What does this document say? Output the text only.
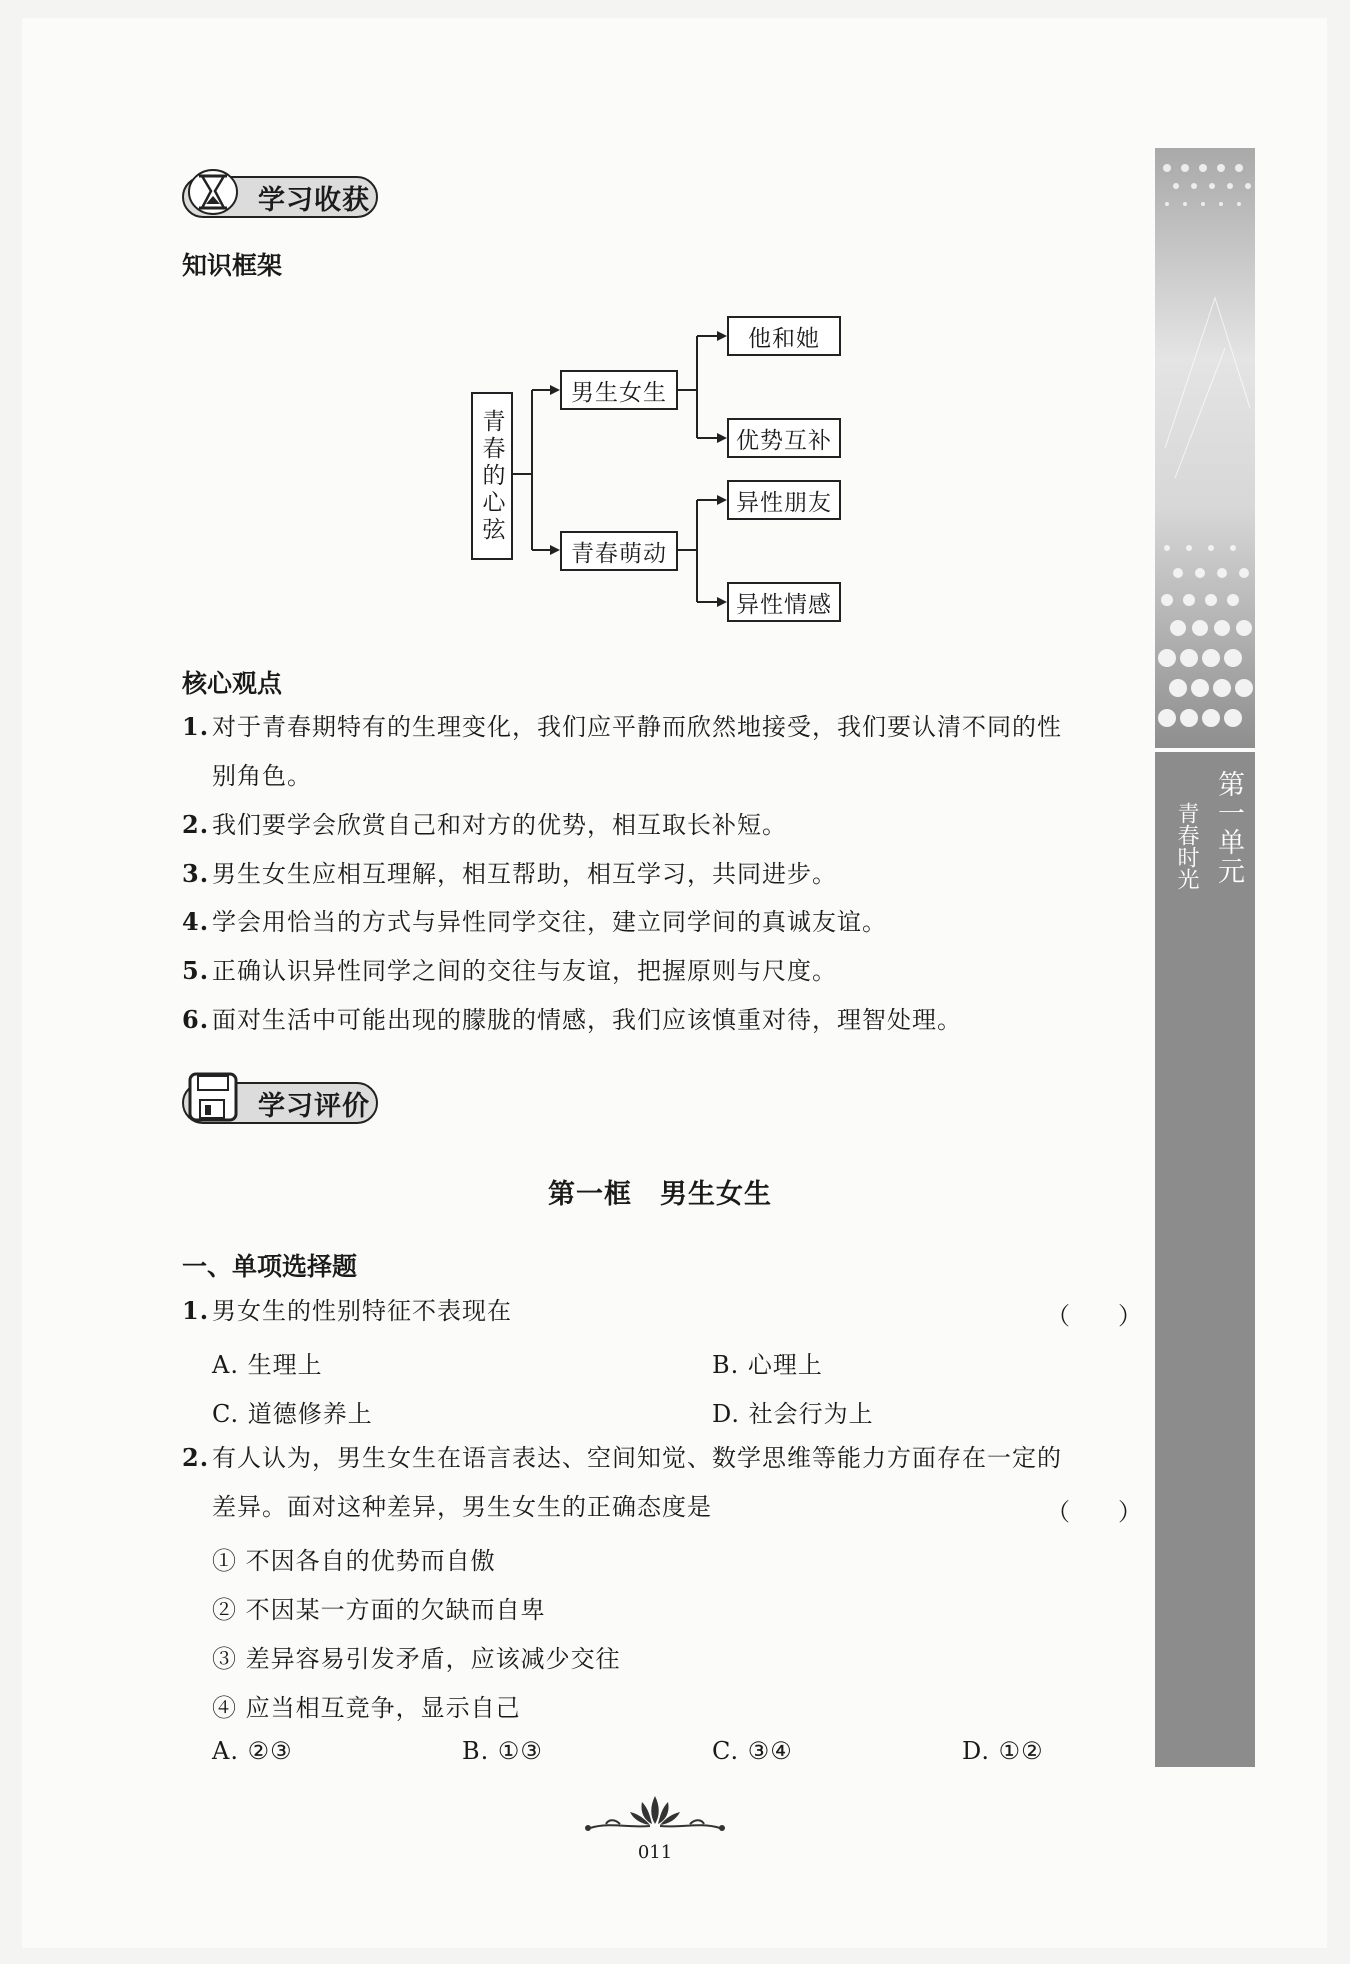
学习收获
知识框架
青春的心弦
男生女生
青春萌动
他和她
优势互补
异性朋友
异性情感
核心观点
1. 对于青春期特有的生理变化，我们应平静而欣然地接受，我们要认清不同的性
别角色。
2. 我们要学会欣赏自己和对方的优势，相互取长补短。
3. 男生女生应相互理解，相互帮助，相互学习，共同进步。
4. 学会用恰当的方式与异性同学交往，建立同学间的真诚友谊。
5. 正确认识异性同学之间的交往与友谊，把握原则与尺度。
6. 面对生活中可能出现的朦胧的情感，我们应该慎重对待，理智处理。
学习评价
第一框　男生女生
一、单项选择题
1. 男女生的性别特征不表现在	（　　）
A. 生理上	B. 心理上
C. 道德修养上	D. 社会行为上
2. 有人认为，男生女生在语言表达、空间知觉、数学思维等能力方面存在一定的
差异。面对这种差异，男生女生的正确态度是	（　　）
① 不因各自的优势而自傲
② 不因某一方面的欠缺而自卑
③ 差异容易引发矛盾，应该减少交往
④ 应当相互竞争，显示自己
A. ②③	B. ①③	C. ③④	D. ①②
第一单元
青春时光
011
